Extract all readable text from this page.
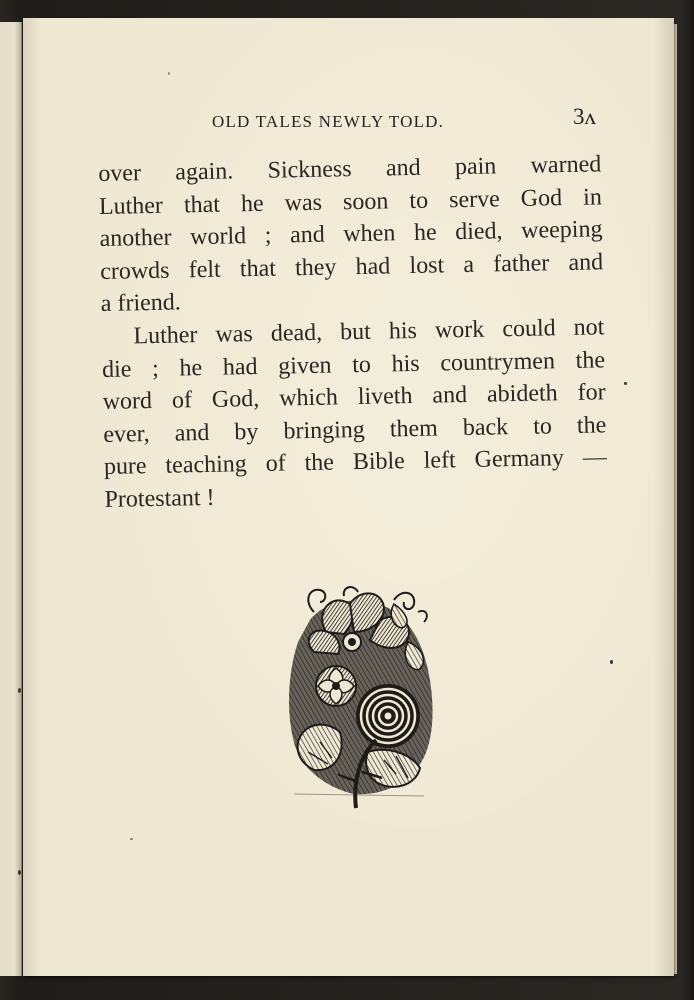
OLD TALES NEWLY TOLD.	3ᴧ
over again. Sickness and pain warned
Luther that he was soon to serve God in
another world ; and when he died, weeping
crowds felt that they had lost a father and
a friend.
Luther was dead, but his work could not
die ; he had given to his countrymen the
word of God, which liveth and abideth for
ever, and by bringing them back to the
pure teaching of the Bible left Germany —
Protestant !
